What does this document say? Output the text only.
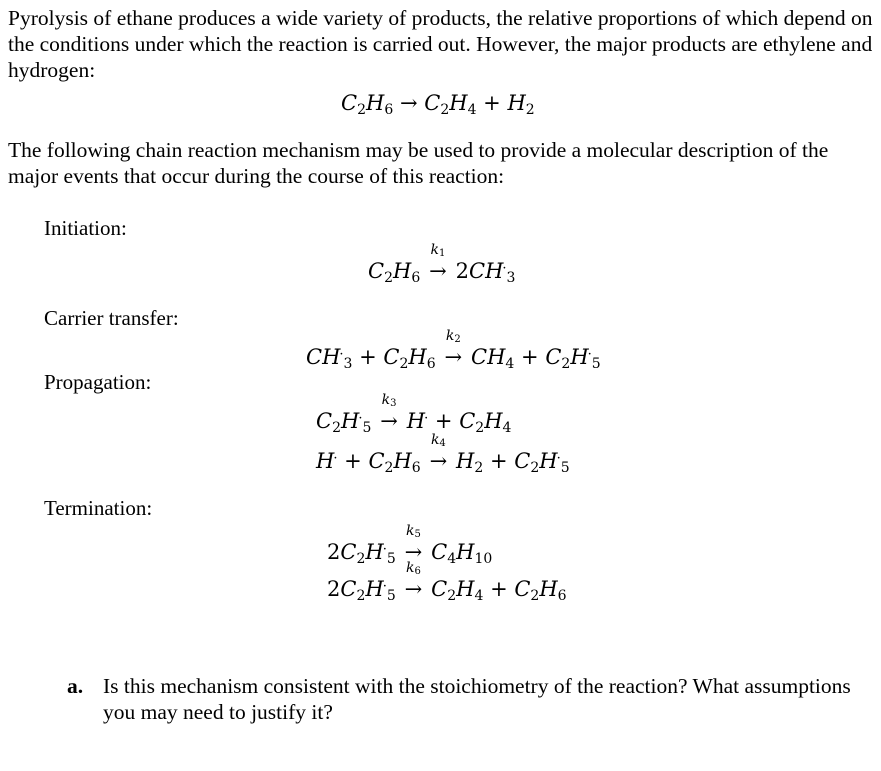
Pyrolysis of ethane produces a wide variety of products, the relative proportions of which depend on the conditions under which the reaction is carried out. However, the major products are ethylene and hydrogen:

$C_2H_6 \to C_2H_4 + H_2$

The following chain reaction mechanism may be used to provide a molecular description of the major events that occur during the course of this reaction:

Initiation:

$C_2H_6$
$k_1$
→ $2CH^\cdot_3$

Carrier transfer:

$CH^\cdot_3 + C_2H_6$
$k_2$
→ $CH_4 + C_2H^\cdot_5$

Propagation:

$C_2H^\cdot_5$
$k_3$
→ $H^\cdot + C_2H_4$
$H^\cdot + C_2H_6$
$k_4$
→ $H_2 + C_2H^\cdot_5$

Termination:

$2C_2H^\cdot_5$
$k_5$
→ $C_4H_{10}$
$2C_2H^\cdot_5$
$k_6$
→ $C_2H_4 + C_2H_6$
a. Is this mechanism consistent with the stoichiometry of the reaction? What assumptions you may need to justify it?
